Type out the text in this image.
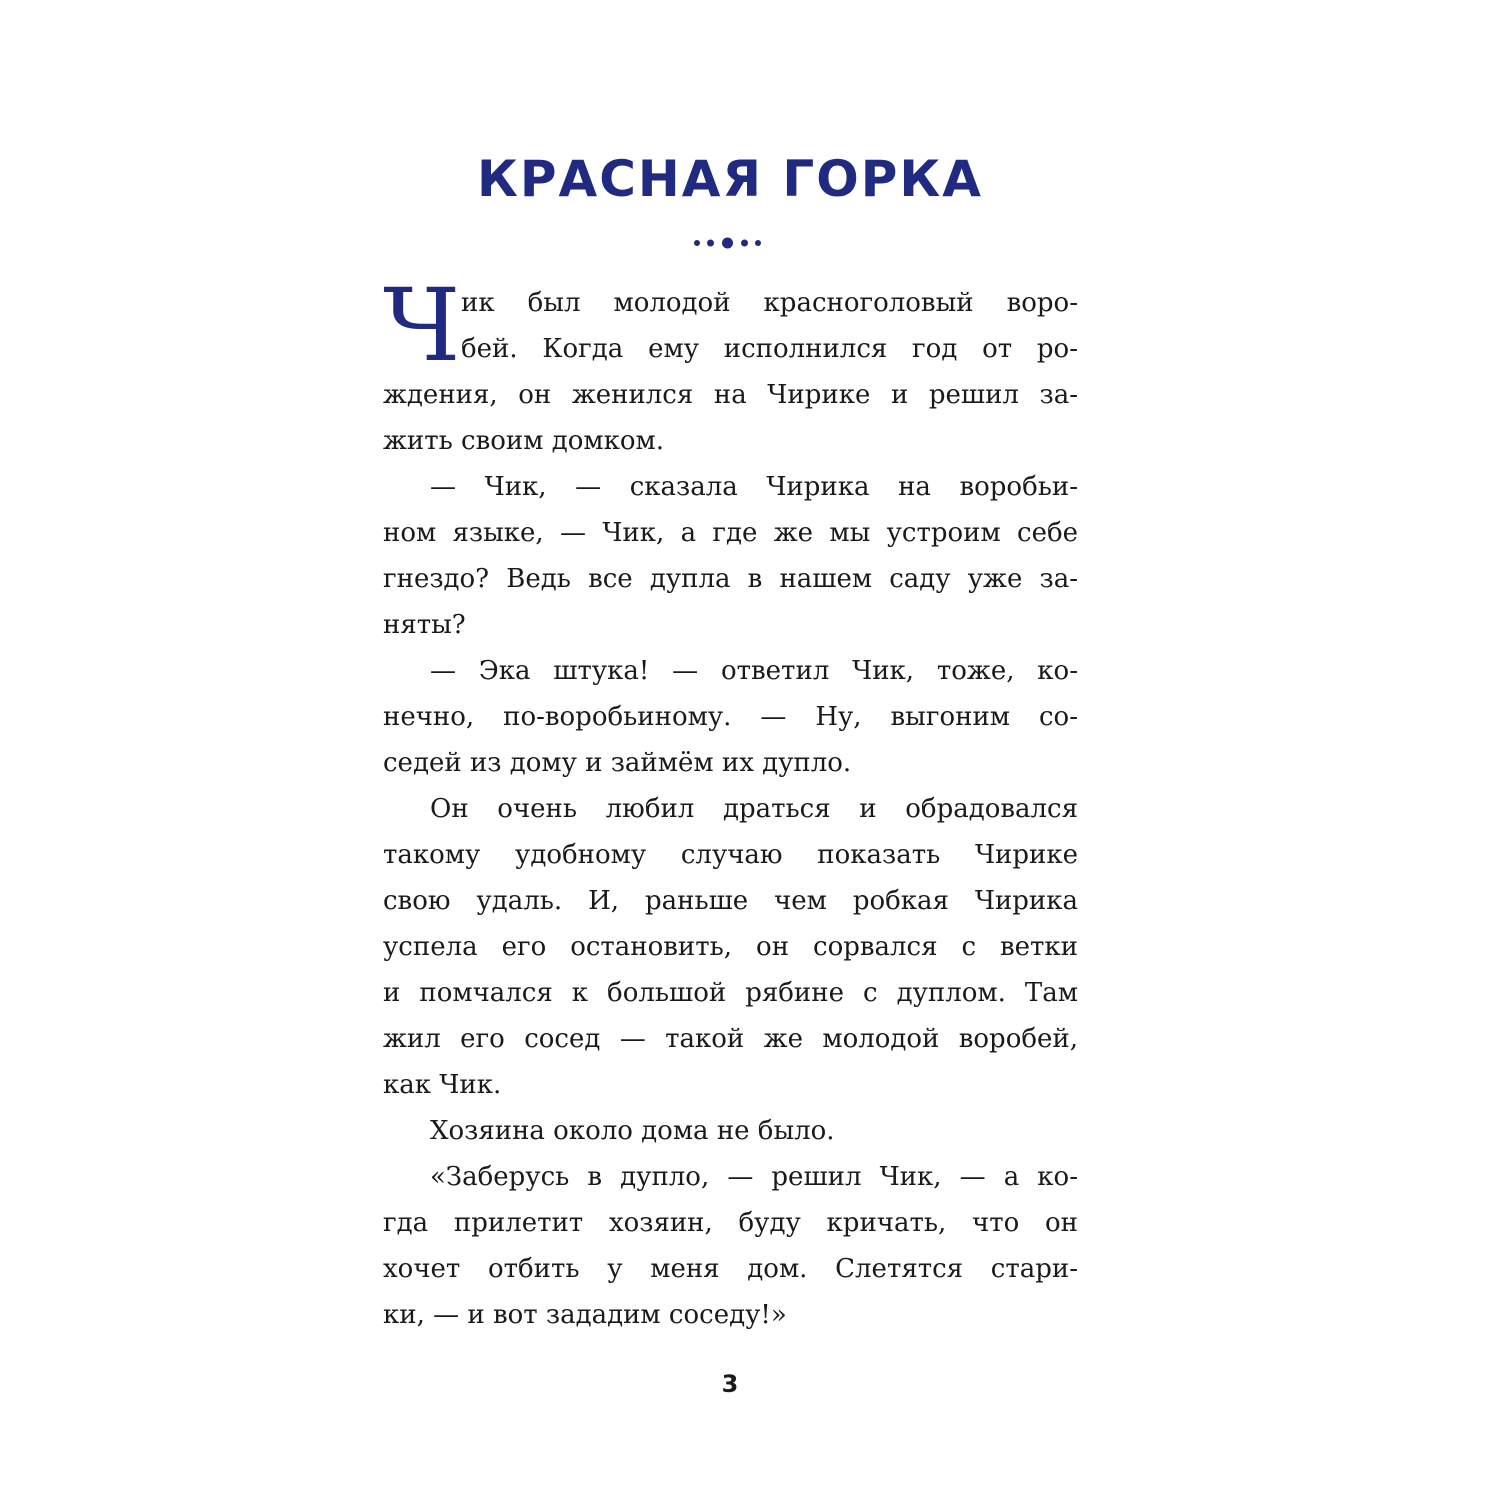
КРАСНАЯ ГОРКА
Ч ик был молодой красноголовый воро-
бей. Когда ему исполнился год от ро-
ждения, он женился на Чирике и решил за-
жить своим домком.
— Чик, — сказала Чирика на воробьи-
ном языке, — Чик, а где же мы устроим себе
гнездо? Ведь все дупла в нашем саду уже за-
няты?
— Эка штука! — ответил Чик, тоже, ко-
нечно, по-воробьиному. — Ну, выгоним со-
седей из дому и займём их дупло.
Он очень любил драться и обрадовался
такому удобному случаю показать Чирике
свою удаль. И, раньше чем робкая Чирика
успела его остановить, он сорвался с ветки
и помчался к большой рябине с дуплом. Там
жил его сосед — такой же молодой воробей,
как Чик.
Хозяина около дома не было.
«Заберусь в дупло, — решил Чик, — а ко-
гда прилетит хозяин, буду кричать, что он
хочет отбить у меня дом. Слетятся стари-
ки, — и вот зададим соседу!»
3
